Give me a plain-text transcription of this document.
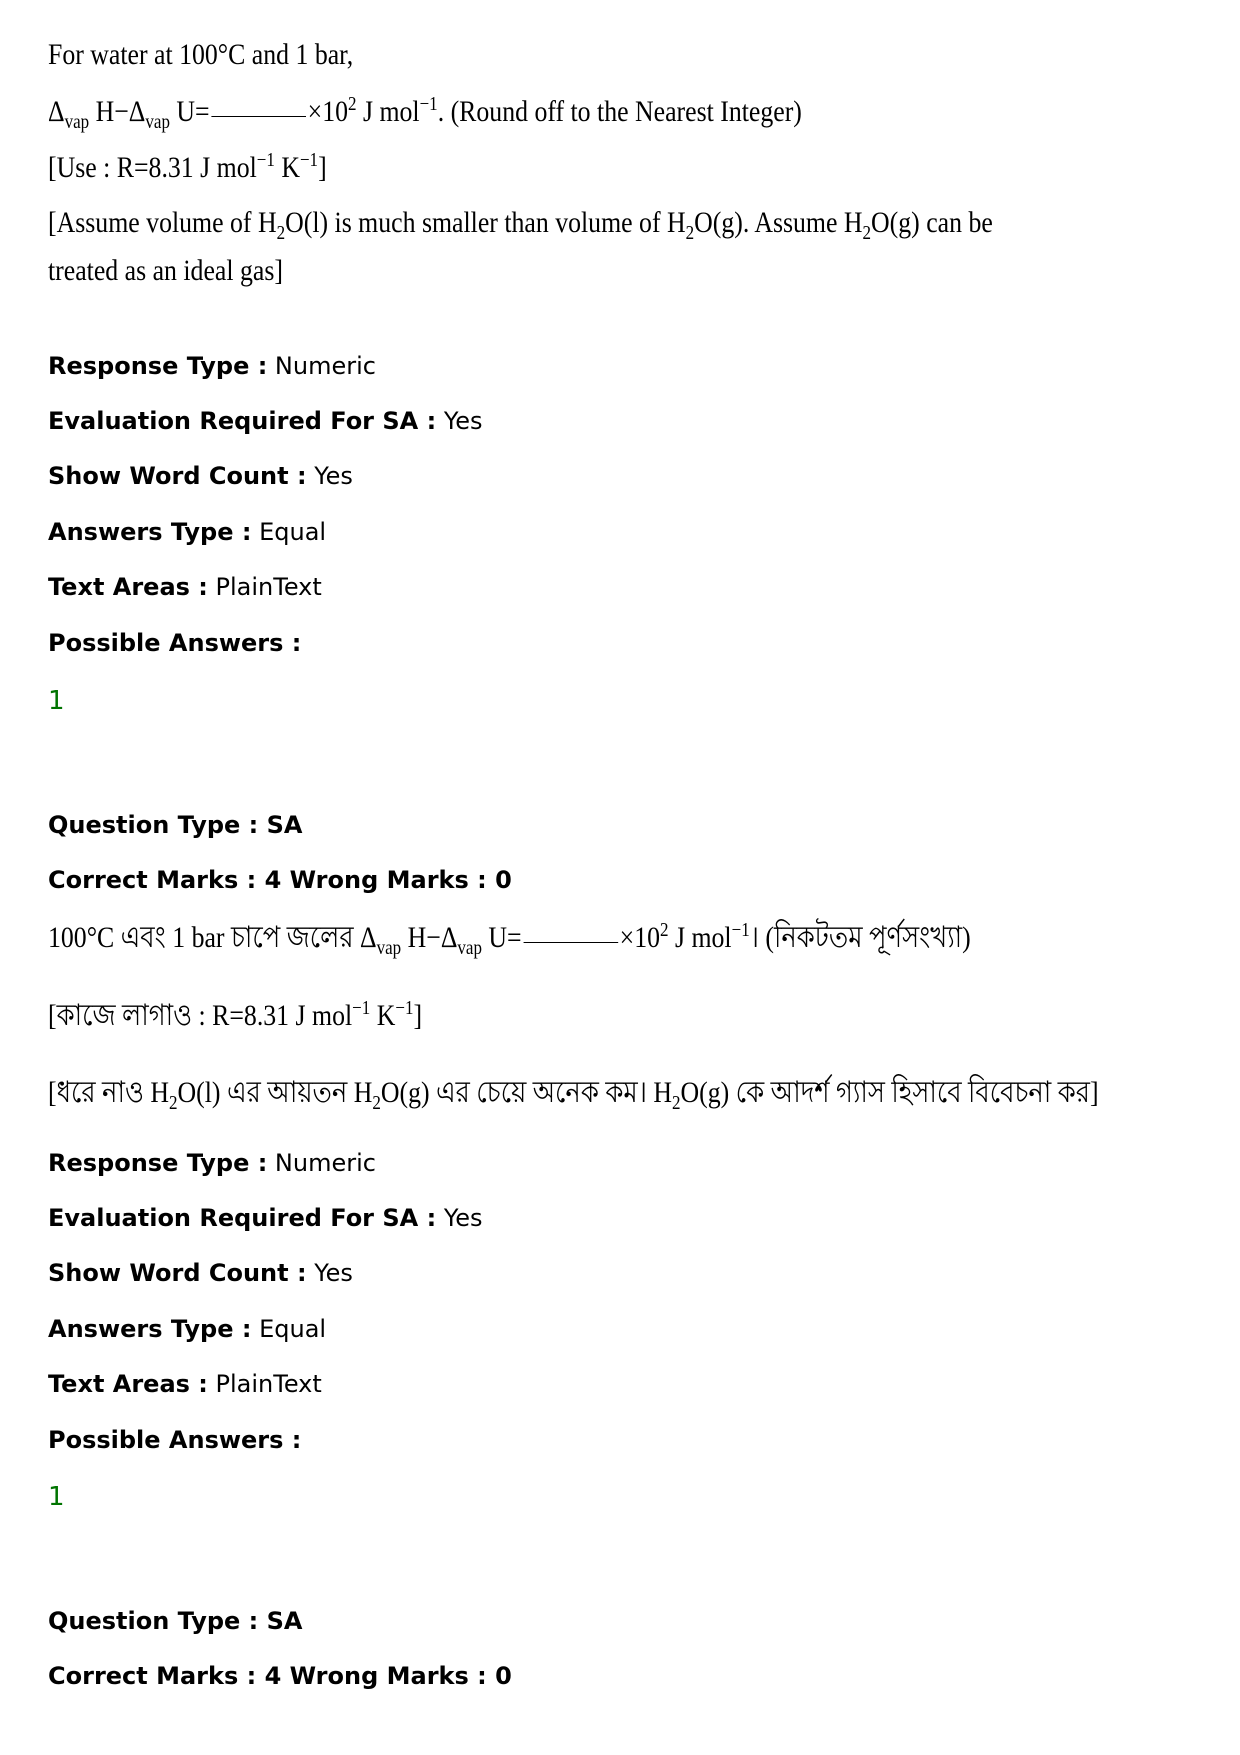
For water at 100°C and 1 bar,
$\Delta_{vap}$ $H-\Delta_{vap}$ U=	$\times 10^2$ J mol$^{-1}$. (Round off to the Nearest Integer)
[Use : R=8.31 J mol$^{-1}$ $K^{-1}$]
[Assume volume of $H_2O(l)$ is much smaller than volume of $H_2O(g)$. Assume $H_2O(g)$ can be
treated as an ideal gas]
Response Type : Numeric
Evaluation Required For SA : Yes
Show Word Count : Yes
Answers Type : Equal
Text Areas : PlainText
Possible Answers :
1
Question Type : SA
Correct Marks : 4 Wrong Marks : 0
100°C এবং 1 bar চাপে জলের $\Delta_{vap}$ $H-\Delta_{vap}$ U=	$\times 10^2$ J mol$^{-1}$। (নিকটতম পূর্ণসংখ্যা)
[কাজে লাগাও : R=8.31 J mol$^{-1}$ $K^{-1}$]
[ধরে নাও $H_2O(l)$ এর আয়তন $H_2O(g)$ এর চেয়ে অনেক কম। $H_2O(g)$ কে আদর্শ গ্যাস হিসাবে বিবেচনা কর]
Response Type : Numeric
Evaluation Required For SA : Yes
Show Word Count : Yes
Answers Type : Equal
Text Areas : PlainText
Possible Answers :
1
Question Type : SA
Correct Marks : 4 Wrong Marks : 0
